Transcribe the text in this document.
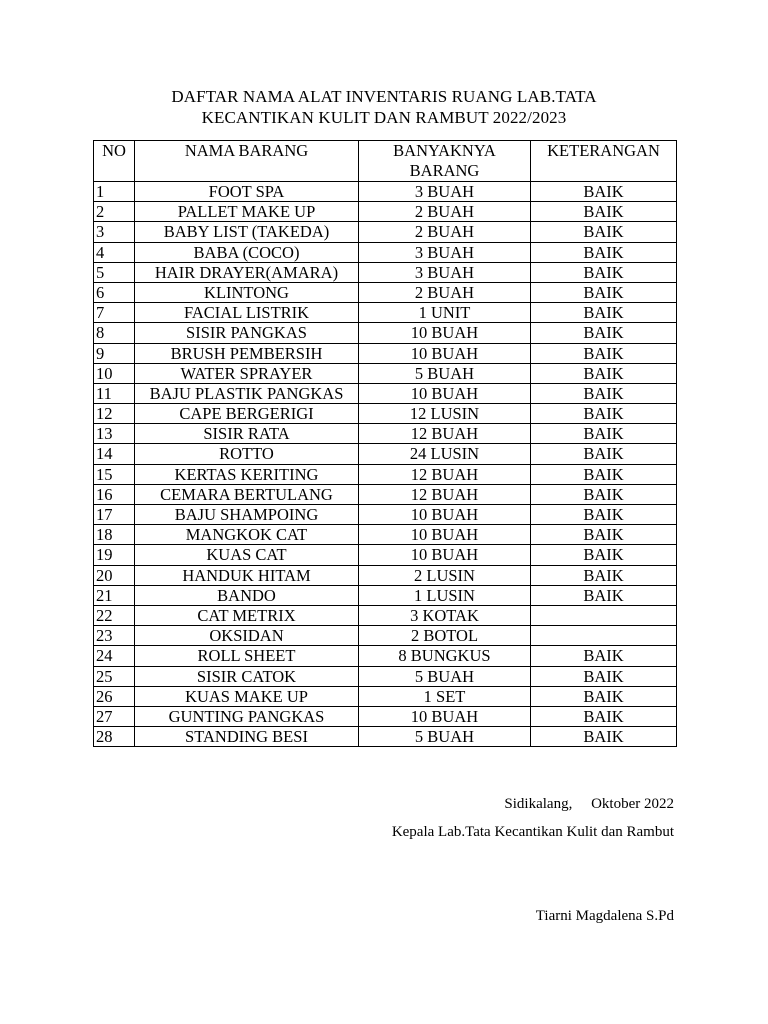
DAFTAR NAMA ALAT INVENTARIS RUANG LAB.TATA
KECANTIKAN KULIT DAN RAMBUT 2022/2023
NO	NAMA BARANG	BANYAKNYA BARANG	KETERANGAN
1	FOOT SPA	3 BUAH	BAIK
2	PALLET MAKE UP	2 BUAH	BAIK
3	BABY LIST (TAKEDA)	2 BUAH	BAIK
4	BABA (COCO)	3 BUAH	BAIK
5	HAIR DRAYER(AMARA)	3 BUAH	BAIK
6	KLINTONG	2 BUAH	BAIK
7	FACIAL LISTRIK	1 UNIT	BAIK
8	SISIR PANGKAS	10 BUAH	BAIK
9	BRUSH PEMBERSIH	10 BUAH	BAIK
10	WATER SPRAYER	5 BUAH	BAIK
11	BAJU PLASTIK PANGKAS	10 BUAH	BAIK
12	CAPE BERGERIGI	12 LUSIN	BAIK
13	SISIR RATA	12 BUAH	BAIK
14	ROTTO	24 LUSIN	BAIK
15	KERTAS KERITING	12 BUAH	BAIK
16	CEMARA BERTULANG	12 BUAH	BAIK
17	BAJU SHAMPOING	10 BUAH	BAIK
18	MANGKOK CAT	10 BUAH	BAIK
19	KUAS CAT	10 BUAH	BAIK
20	HANDUK HITAM	2 LUSIN	BAIK
21	BANDO	1 LUSIN	BAIK
22	CAT METRIX	3 KOTAK	
23	OKSIDAN	2 BOTOL	
24	ROLL SHEET	8 BUNGKUS	BAIK
25	SISIR CATOK	5 BUAH	BAIK
26	KUAS MAKE UP	1 SET	BAIK
27	GUNTING PANGKAS	10 BUAH	BAIK
28	STANDING BESI	5 BUAH	BAIK
Sidikalang,     Oktober 2022
Kepala Lab.Tata Kecantikan Kulit dan Rambut
Tiarni Magdalena S.Pd
